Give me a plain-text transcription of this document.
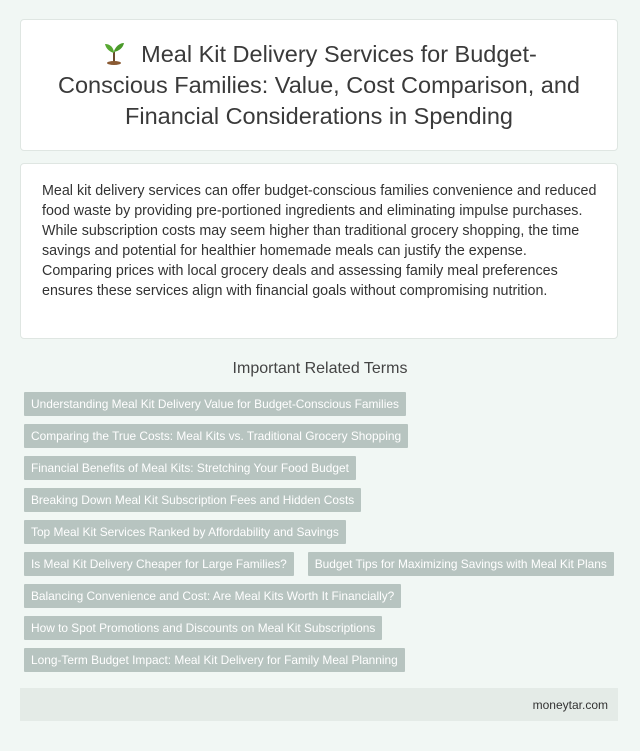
Meal Kit Delivery Services for Budget-Conscious Families: Value, Cost Comparison, and Financial Considerations in Spending

Meal kit delivery services can offer budget-conscious families convenience and reduced food waste by providing pre-portioned ingredients and eliminating impulse purchases. While subscription costs may seem higher than traditional grocery shopping, the time savings and potential for healthier homemade meals can justify the expense. Comparing prices with local grocery deals and assessing family meal preferences ensures these services align with financial goals without compromising nutrition.

Important Related Terms
Understanding Meal Kit Delivery Value for Budget-Conscious Families
Comparing the True Costs: Meal Kits vs. Traditional Grocery Shopping
Financial Benefits of Meal Kits: Stretching Your Food Budget
Breaking Down Meal Kit Subscription Fees and Hidden Costs
Top Meal Kit Services Ranked by Affordability and Savings
Is Meal Kit Delivery Cheaper for Large Families?	Budget Tips for Maximizing Savings with Meal Kit Plans
Balancing Convenience and Cost: Are Meal Kits Worth It Financially?
How to Spot Promotions and Discounts on Meal Kit Subscriptions
Long-Term Budget Impact: Meal Kit Delivery for Family Meal Planning
moneytar.com
